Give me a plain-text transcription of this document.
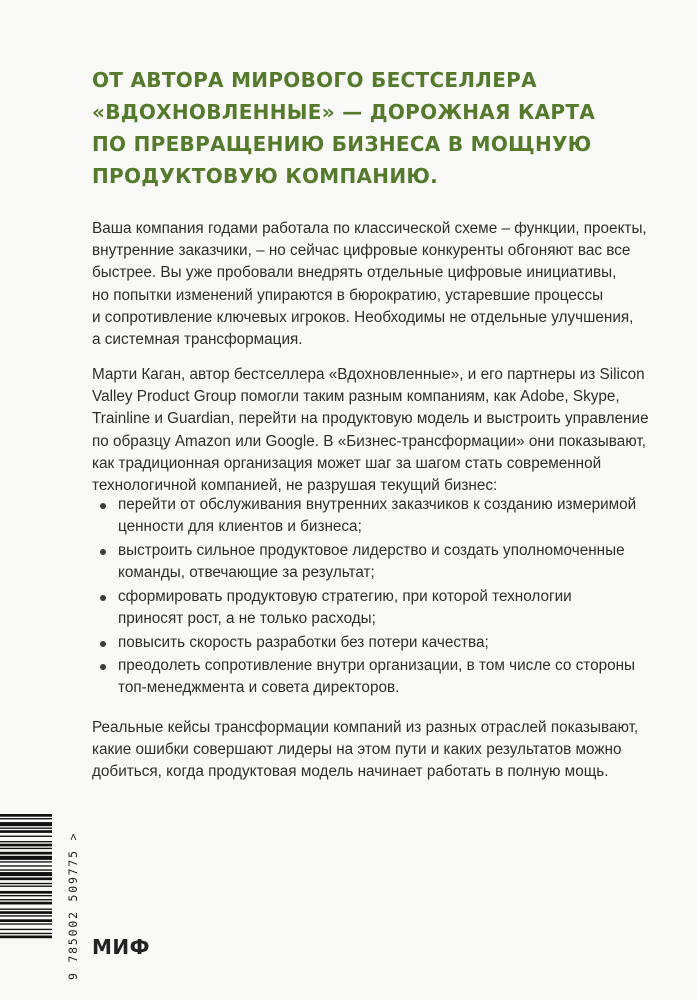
ОТ АВТОРА МИРОВОГО БЕСТСЕЛЛЕРА
«ВДОХНОВЛЕННЫЕ» — ДОРОЖНАЯ КАРТА
ПО ПРЕВРАЩЕНИЮ БИЗНЕСА В МОЩНУЮ
ПРОДУКТОВУЮ КОМПАНИЮ.

Ваша компания годами работала по классической схеме – функции, проекты,
внутренние заказчики, – но сейчас цифровые конкуренты обгоняют вас все
быстрее. Вы уже пробовали внедрять отдельные цифровые инициативы,
но попытки изменений упираются в бюрократию, устаревшие процессы
и сопротивление ключевых игроков. Необходимы не отдельные улучшения,
а системная трансформация.

Марти Каган, автор бестселлера «Вдохновленные», и его партнеры из Silicon
Valley Product Group помогли таким разным компаниям, как Adobe, Skype,
Trainline и Guardian, перейти на продуктовую модель и выстроить управление
по образцу Amazon или Google. В «Бизнес-трансформации» они показывают,
как традиционная организация может шаг за шагом стать современной
технологичной компанией, не разрушая текущий бизнес:

перейти от обслуживания внутренних заказчиков к созданию измеримой
ценности для клиентов и бизнеса;
выстроить сильное продуктовое лидерство и создать уполномоченные
команды, отвечающие за результат;
сформировать продуктовую стратегию, при которой технологии
приносят рост, а не только расходы;
повысить скорость разработки без потери качества;
преодолеть сопротивление внутри организации, в том числе со стороны
топ-менеджмента и совета директоров.

Реальные кейсы трансформации компаний из разных отраслей показывают,
какие ошибки совершают лидеры на этом пути и каких результатов можно
добиться, когда продуктовая модель начинает работать в полную мощь.

9 785002 509775 > МИФ
